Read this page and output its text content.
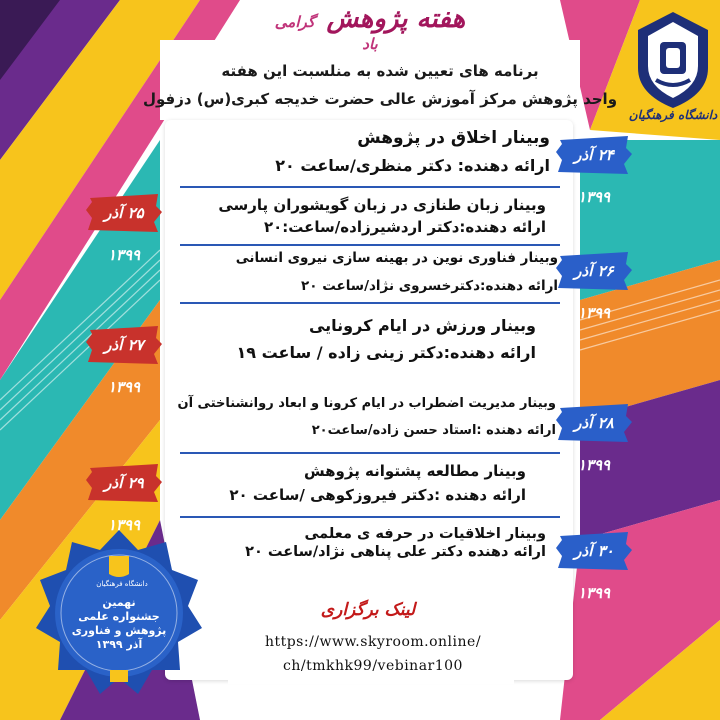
هفته پژوهش گرامی باد
برنامه های تعیین شده به منلسبت این هفته
واحد پژوهش مرکز آموزش عالی حضرت خدیجه کبری(س) دزفول
دانشگاه فرهنگیان
وبینار اخلاق در پژوهش
ارائه دهنده: دکتر منظری/ساعت ۲۰
وبینار زبان طنازی در زبان گویشوران پارسی
ارائه دهنده:دکتر اردشیرزاده/ساعت:۲۰
وبینار فناوری نوین در بهینه سازی نیروی انسانی
ارائه دهنده:دکترخسروی نژاد/ساعت ۲۰
وبینار ورزش در ایام کرونایی
ارائه دهنده:دکتر زینی زاده / ساعت ۱۹
وبینار مدیریت اضطراب در ایام کرونا و ابعاد روانشناختی آن
ارائه دهنده :استاد حسن زاده/ساعت۲۰
وبینار مطالعه پشتوانه پژوهش
ارائه دهنده :دکتر فیروزکوهی /ساعت ۲۰
وبینار اخلاقیات در حرفه ی معلمی
ارائه دهنده دکتر علی پناهی نژاد/ساعت ۲۰
۲۴ آذر ۱۳۹۹
۲۵ آذر ۱۳۹۹
۲۶ آذر ۱۳۹۹
۲۷ آذر ۱۳۹۹
۲۸ آذر ۱۳۹۹
۲۹ آذر ۱۳۹۹
۳۰ آذر ۱۳۹۹
دانشگاه فرهنگیان
نهمین
جشنواره علمی
پژوهش و فناوری
آذر ۱۳۹۹
لینک برگزاری
https://www.skyroom.online/
ch/tmkhk99/vebinar100
